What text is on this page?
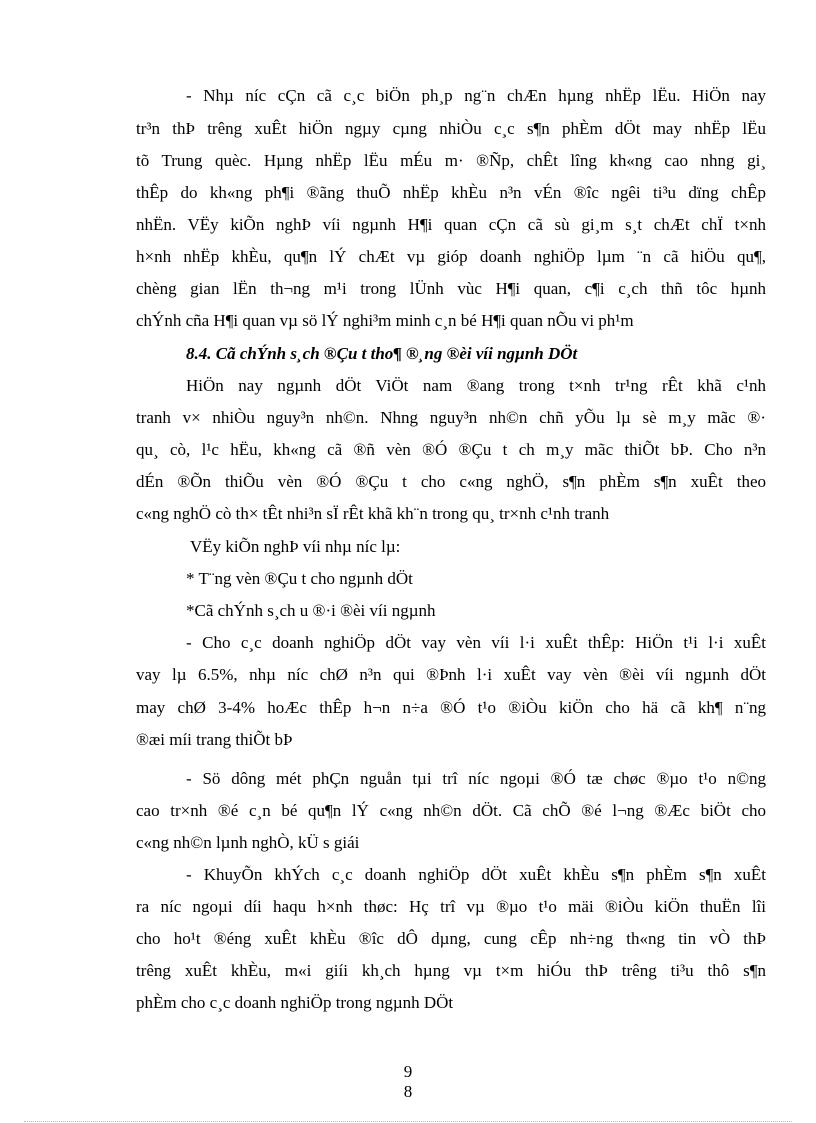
- Nhµ níc cÇn cã c¸c biÖn ph¸p ng¨n chÆn hµng nhËp lËu. HiÖn nay
tr³n thÞ trêng xuÊt hiÖn ngµy cµng nhiÒu c¸c s¶n phÈm dÖt may nhËp lËu
tõ Trung quèc. Hµng nhËp lËu mÉu m· ®Ñp, chÊt lîng kh«ng cao nhng gi¸
thÊp do kh«ng ph¶i ®ãng thuÕ nhËp khÈu n³n vÉn ®îc ngêi ti³u dïng chÊp
nhËn. VËy kiÕn nghÞ víi ngµnh H¶i quan cÇn cã sù gi¸m s¸t chÆt chÏ t×nh
h×nh nhËp khÈu, qu¶n lÝ chÆt vµ gióp doanh nghiÖp lµm ¨n cã hiÖu qu¶,
chèng gian lËn th¬ng m¹i trong lÜnh vùc H¶i quan, c¶i c¸ch thñ tôc hµnh
chÝnh cña H¶i quan vµ sö lÝ nghi³m minh c¸n bé H¶i quan nÕu vi ph¹m
8.4. Cã chÝnh s¸ch ®Çu t tho¶ ®¸ng ®èi víi ngµnh DÖt
HiÖn nay ngµnh dÖt ViÖt nam ®ang trong t×nh tr¹ng rÊt khã c¹nh
tranh v× nhiÒu nguy³n nh©n. Nhng nguy³n nh©n chñ yÕu lµ sè m¸y mãc ®·
qu¸ cò, l¹c hËu, kh«ng cã ®ñ vèn ®Ó ®Çu t ch m¸y mãc thiÕt bÞ. Cho n³n
dÉn ®Õn thiÕu vèn ®Ó ®Çu t cho c«ng nghÖ, s¶n phÈm s¶n xuÊt theo
c«ng nghÖ cò th× tÊt nhi³n sÏ rÊt khã kh¨n trong qu¸ tr×nh c¹nh tranh
VËy kiÕn nghÞ víi nhµ níc lµ:
* T¨ng vèn ®Çu t cho ngµnh dÖt
*Cã chÝnh s¸ch u ®·i ®èi víi ngµnh
- Cho c¸c doanh nghiÖp dÖt vay vèn víi l·i xuÊt thÊp: HiÖn t¹i l·i xuÊt
vay lµ 6.5%, nhµ níc chØ n³n qui ®Þnh l·i xuÊt vay vèn ®èi víi ngµnh dÖt
may chØ 3-4% hoÆc thÊp h¬n n÷a ®Ó t¹o ®iÒu kiÖn cho hä cã kh¶ n¨ng
®æi míi trang thiÕt bÞ
- Sö dông mét phÇn nguån tµi trî níc ngoµi ®Ó tæ chøc ®µo t¹o n©ng
cao tr×nh ®é c¸n bé qu¶n lÝ c«ng nh©n dÖt. Cã chÕ ®é l¬ng ®Æc biÖt cho
c«ng nh©n lµnh nghÒ, kÜ s giái
- KhuyÕn khÝch c¸c doanh nghiÖp dÖt xuÊt khÈu s¶n phÈm s¶n xuÊt
ra níc ngoµi díi haqu h×nh thøc: Hç trî vµ ®µo t¹o mäi ®iÒu kiÖn thuËn lîi
cho ho¹t ®éng xuÊt khÈu ®îc dÔ dµng, cung cÊp nh÷ng th«ng tin vÒ thÞ
trêng xuÊt khÈu, m«i giíi kh¸ch hµng vµ t×m hiÓu thÞ trêng ti³u thô s¶n
phÈm cho c¸c doanh nghiÖp trong ngµnh DÖt
9
8
